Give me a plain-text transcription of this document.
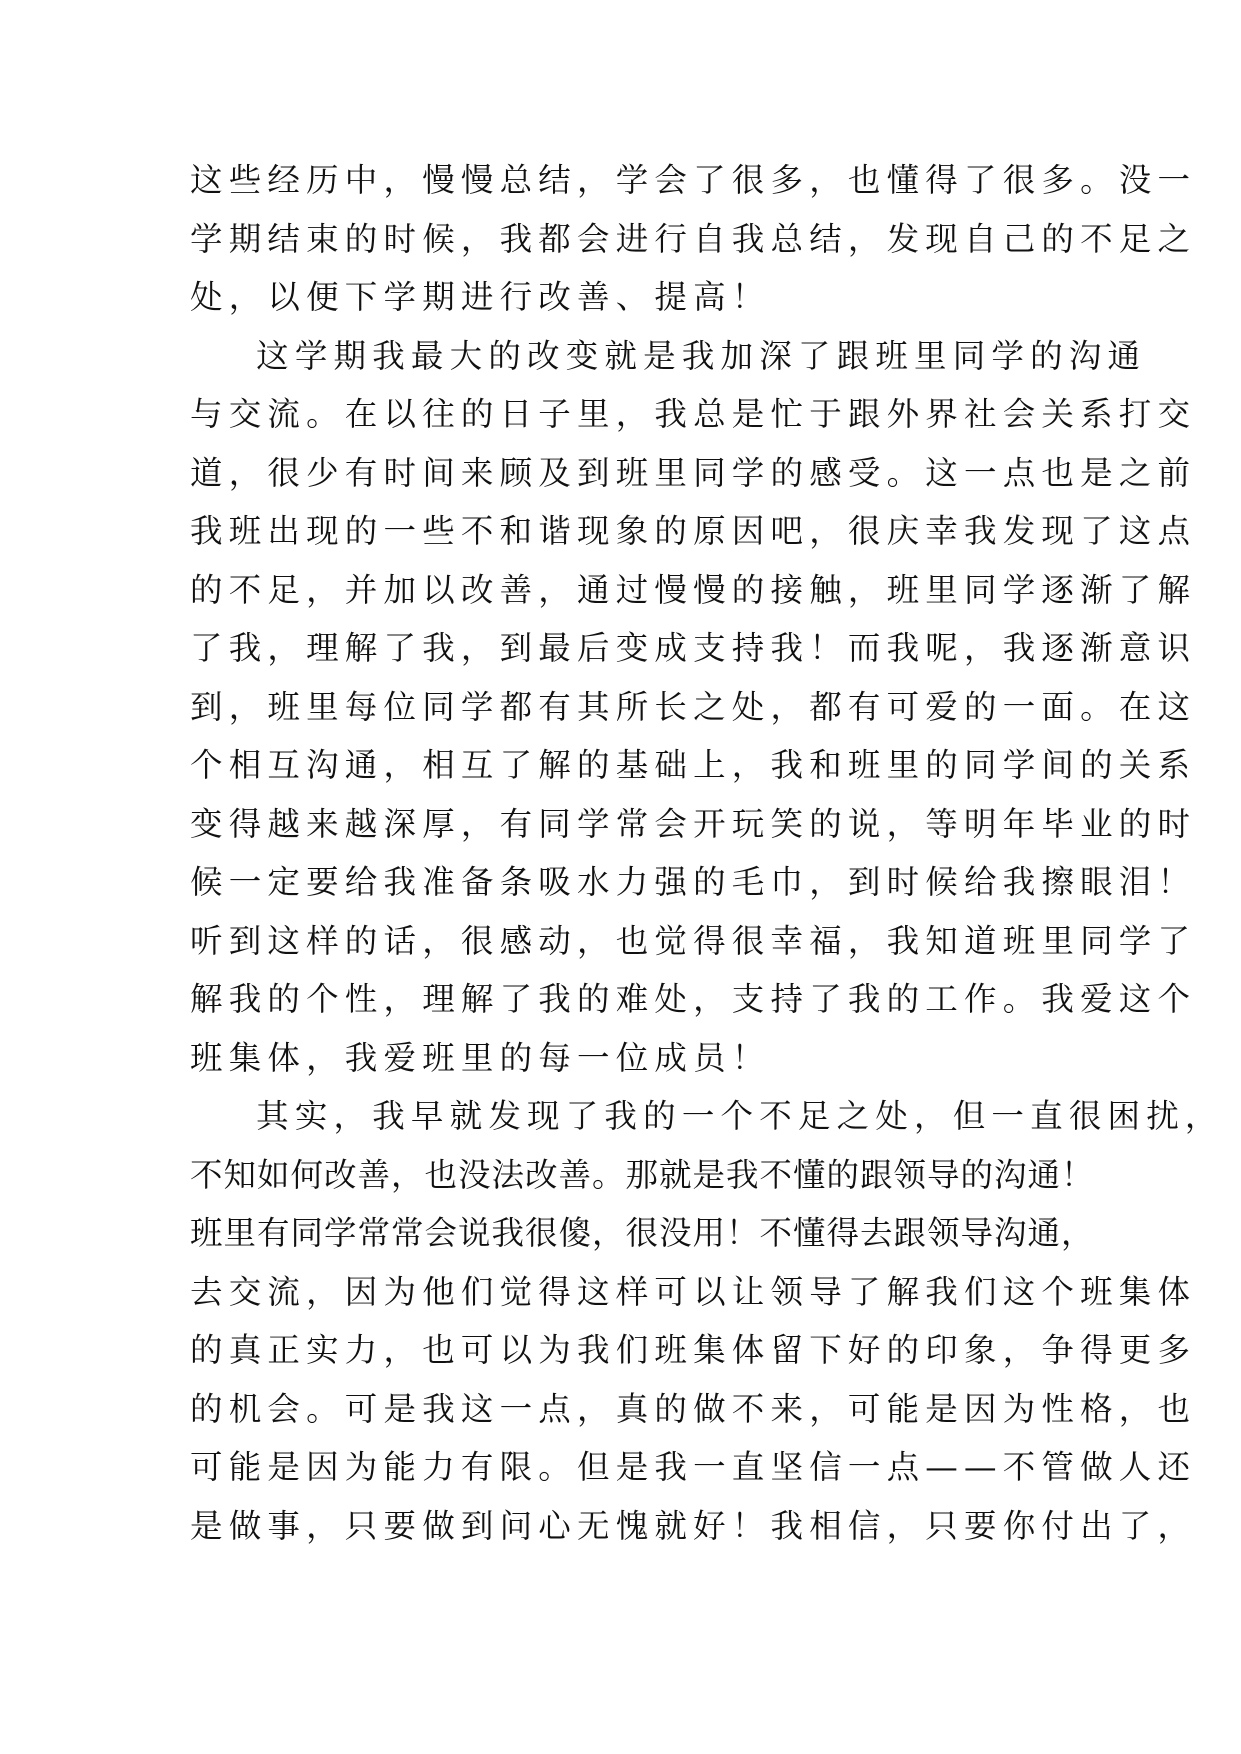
这些经历中，慢慢总结，学会了很多，也懂得了很多。没一
学期结束的时候，我都会进行自我总结，发现自己的不足之
处，以便下学期进行改善、提高！
这学期我最大的改变就是我加深了跟班里同学的沟通
与交流。在以往的日子里，我总是忙于跟外界社会关系打交
道，很少有时间来顾及到班里同学的感受。这一点也是之前
我班出现的一些不和谐现象的原因吧，很庆幸我发现了这点
的不足，并加以改善，通过慢慢的接触，班里同学逐渐了解
了我，理解了我，到最后变成支持我！而我呢，我逐渐意识
到，班里每位同学都有其所长之处，都有可爱的一面。在这
个相互沟通，相互了解的基础上，我和班里的同学间的关系
变得越来越深厚，有同学常会开玩笑的说，等明年毕业的时
候一定要给我准备条吸水力强的毛巾，到时候给我擦眼泪！
听到这样的话，很感动，也觉得很幸福，我知道班里同学了
解我的个性，理解了我的难处，支持了我的工作。我爱这个
班集体，我爱班里的每一位成员！
其实，我早就发现了我的一个不足之处，但一直很困扰，
不知如何改善，也没法改善。那就是我不懂的跟领导的沟通！
班里有同学常常会说我很傻，很没用！不懂得去跟领导沟通，
去交流，因为他们觉得这样可以让领导了解我们这个班集体
的真正实力，也可以为我们班集体留下好的印象，争得更多
的机会。可是我这一点，真的做不来，可能是因为性格，也
可能是因为能力有限。但是我一直坚信一点——不管做人还
是做事，只要做到问心无愧就好！我相信，只要你付出了，
